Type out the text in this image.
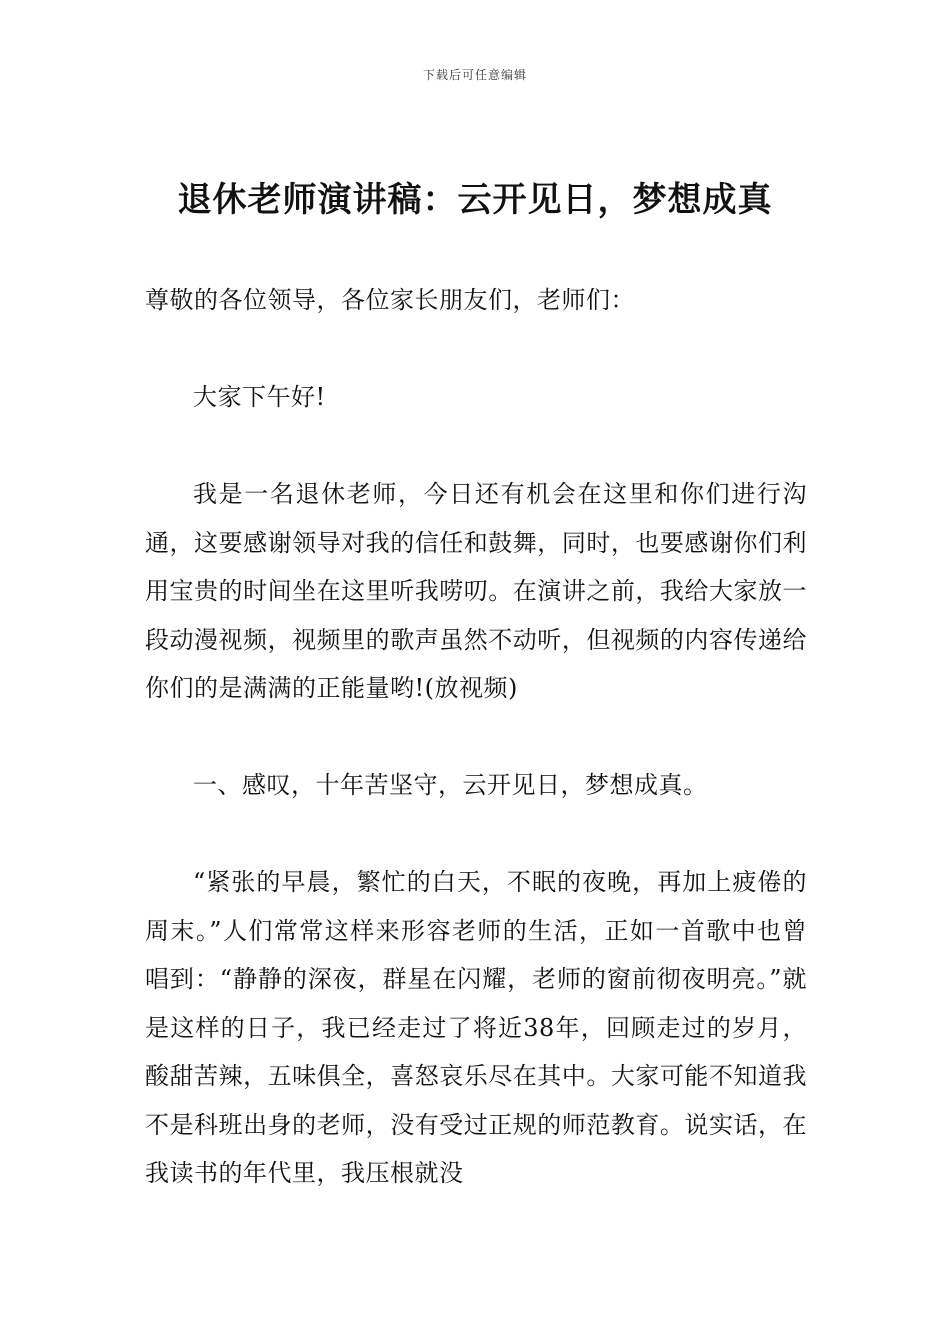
下载后可任意编辑
退休老师演讲稿：云开见日，梦想成真

尊敬的各位领导，各位家长朋友们，老师们：

大家下午好!

我是一名退休老师，今日还有机会在这里和你们进行沟通，这要感谢领导对我的信任和鼓舞，同时，也要感谢你们利用宝贵的时间坐在这里听我唠叨。在演讲之前，我给大家放一段动漫视频，视频里的歌声虽然不动听，但视频的内容传递给你们的是满满的正能量哟!(放视频)

一、感叹，十年苦坚守，云开见日，梦想成真。

“紧张的早晨，繁忙的白天，不眠的夜晚，再加上疲倦的周末。”人们常常这样来形容老师的生活，正如一首歌中也曾唱到：“静静的深夜，群星在闪耀，老师的窗前彻夜明亮。”就是这样的日子，我已经走过了将近38年，回顾走过的岁月，酸甜苦辣，五味俱全，喜怒哀乐尽在其中。大家可能不知道我不是科班出身的老师，没有受过正规的师范教育。说实话，在我读书的年代里，我压根就没
